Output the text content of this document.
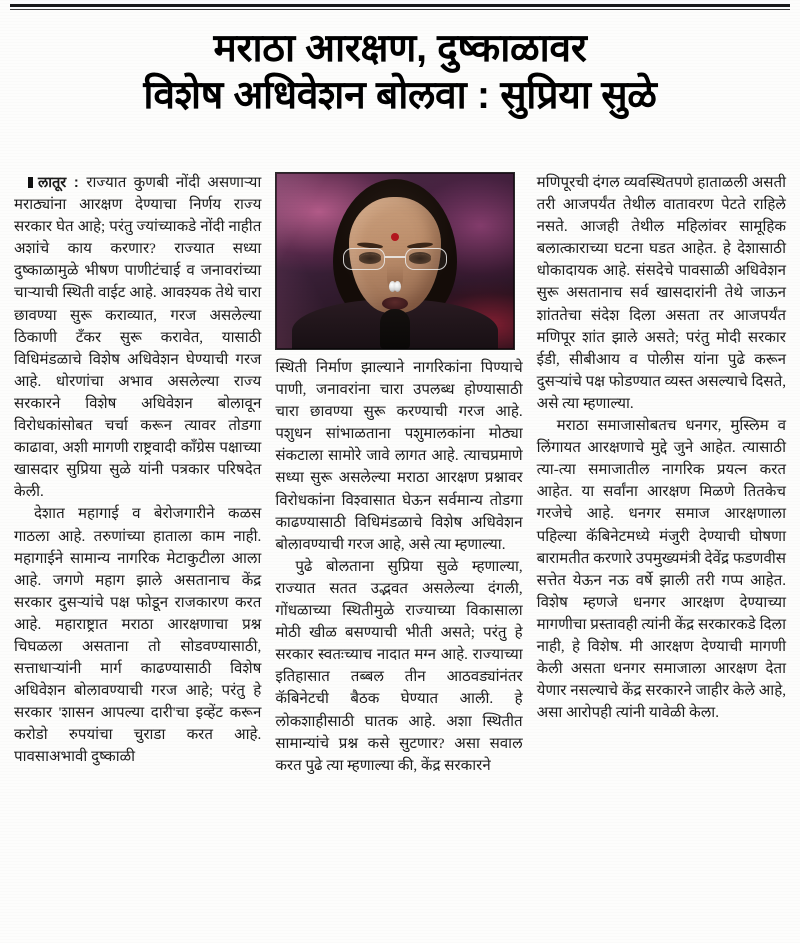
मराठा आरक्षण, दुष्काळावर
विशेष अधिवेशन बोलवा : सुप्रिया सुळे

लातूर : राज्यात कुणबी नोंदी असणाऱ्या मराठ्यांना आरक्षण देण्याचा निर्णय राज्य सरकार घेत आहे; परंतु ज्यांच्याकडे नोंदी नाहीत अशांचे काय करणार? राज्यात सध्या दुष्काळामुळे भीषण पाणीटंचाई व जनावरांच्या चाऱ्याची स्थिती वाईट आहे. आवश्यक तेथे चारा छावण्या सुरू कराव्यात, गरज असलेल्या ठिकाणी टँकर सुरू करावेत, यासाठी विधिमंडळाचे विशेष अधिवेशन घेण्याची गरज आहे. धोरणांचा अभाव असलेल्या राज्य सरकारने विशेष अधिवेशन बोलावून विरोधकांसोबत चर्चा करून त्यावर तोडगा काढावा, अशी मागणी राष्ट्रवादी काँग्रेस पक्षाच्या खासदार सुप्रिया सुळे यांनी पत्रकार परिषदेत केली.

देशात महागाई व बेरोजगारीने कळस गाठला आहे. तरुणांच्या हाताला काम नाही. महागाईने सामान्य नागरिक मेटाकुटीला आला आहे. जगणे महाग झाले असतानाच केंद्र सरकार दुसऱ्यांचे पक्ष फोडून राजकारण करत आहे. महाराष्ट्रात मराठा आरक्षणाचा प्रश्न चिघळला असताना तो सोडवण्यासाठी, सत्ताधाऱ्यांनी मार्ग काढण्यासाठी विशेष अधिवेशन बोलावण्याची गरज आहे; परंतु हे सरकार 'शासन आपल्या दारी'चा इव्हेंट करून करोडो रुपयांचा चुराडा करत आहे. पावसाअभावी दुष्काळी

स्थिती निर्माण झाल्याने नागरिकांना पिण्याचे पाणी, जनावरांना चारा उपलब्ध होण्यासाठी चारा छावण्या सुरू करण्याची गरज आहे. पशुधन सांभाळताना पशुमालकांना मोठ्या संकटाला सामोरे जावे लागत आहे. त्याचप्रमाणे सध्या सुरू असलेल्या मराठा आरक्षण प्रश्नावर विरोधकांना विश्वासात घेऊन सर्वमान्य तोडगा काढण्यासाठी विधिमंडळाचे विशेष अधिवेशन बोलावण्याची गरज आहे, असे त्या म्हणाल्या.

पुढे बोलताना सुप्रिया सुळे म्हणाल्या, राज्यात सतत उद्भवत असलेल्या दंगली, गोंधळाच्या स्थितीमुळे राज्याच्या विकासाला मोठी खीळ बसण्याची भीती असते; परंतु हे सरकार स्वतःच्याच नादात मग्न आहे. राज्याच्या इतिहासात तब्बल तीन आठवड्यांनंतर कॅबिनेटची बैठक घेण्यात आली. हे लोकशाहीसाठी घातक आहे. अशा स्थितीत सामान्यांचे प्रश्न कसे सुटणार? असा सवाल करत पुढे त्या म्हणाल्या की, केंद्र सरकारने

मणिपूरची दंगल व्यवस्थितपणे हाताळली असती तरी आजपर्यंत तेथील वातावरण पेटते राहिले नसते. आजही तेथील महिलांवर सामूहिक बलात्काराच्या घटना घडत आहेत. हे देशासाठी धोकादायक आहे. संसदेचे पावसाळी अधिवेशन सुरू असतानाच सर्व खासदारांनी तेथे जाऊन शांततेचा संदेश दिला असता तर आजपर्यंत मणिपूर शांत झाले असते; परंतु मोदी सरकार ईडी, सीबीआय व पोलीस यांना पुढे करून दुसऱ्यांचे पक्ष फोडण्यात व्यस्त असल्याचे दिसते, असे त्या म्हणाल्या.

मराठा समाजासोबतच धनगर, मुस्लिम व लिंगायत आरक्षणाचे मुद्दे जुने आहेत. त्यासाठी त्या-त्या समाजातील नागरिक प्रयत्न करत आहेत. या सर्वांना आरक्षण मिळणे तितकेच गरजेचे आहे. धनगर समाज आरक्षणाला पहिल्या कॅबिनेटमध्ये मंजुरी देण्याची घोषणा बारामतीत करणारे उपमुख्यमंत्री देवेंद्र फडणवीस सत्तेत येऊन नऊ वर्षे झाली तरी गप्प आहेत. विशेष म्हणजे धनगर आरक्षण देण्याच्या मागणीचा प्रस्तावही त्यांनी केंद्र सरकारकडे दिला नाही, हे विशेष. मी आरक्षण देण्याची मागणी केली असता धनगर समाजाला आरक्षण देता येणार नसल्याचे केंद्र सरकारने जाहीर केले आहे, असा आरोपही त्यांनी यावेळी केला.
